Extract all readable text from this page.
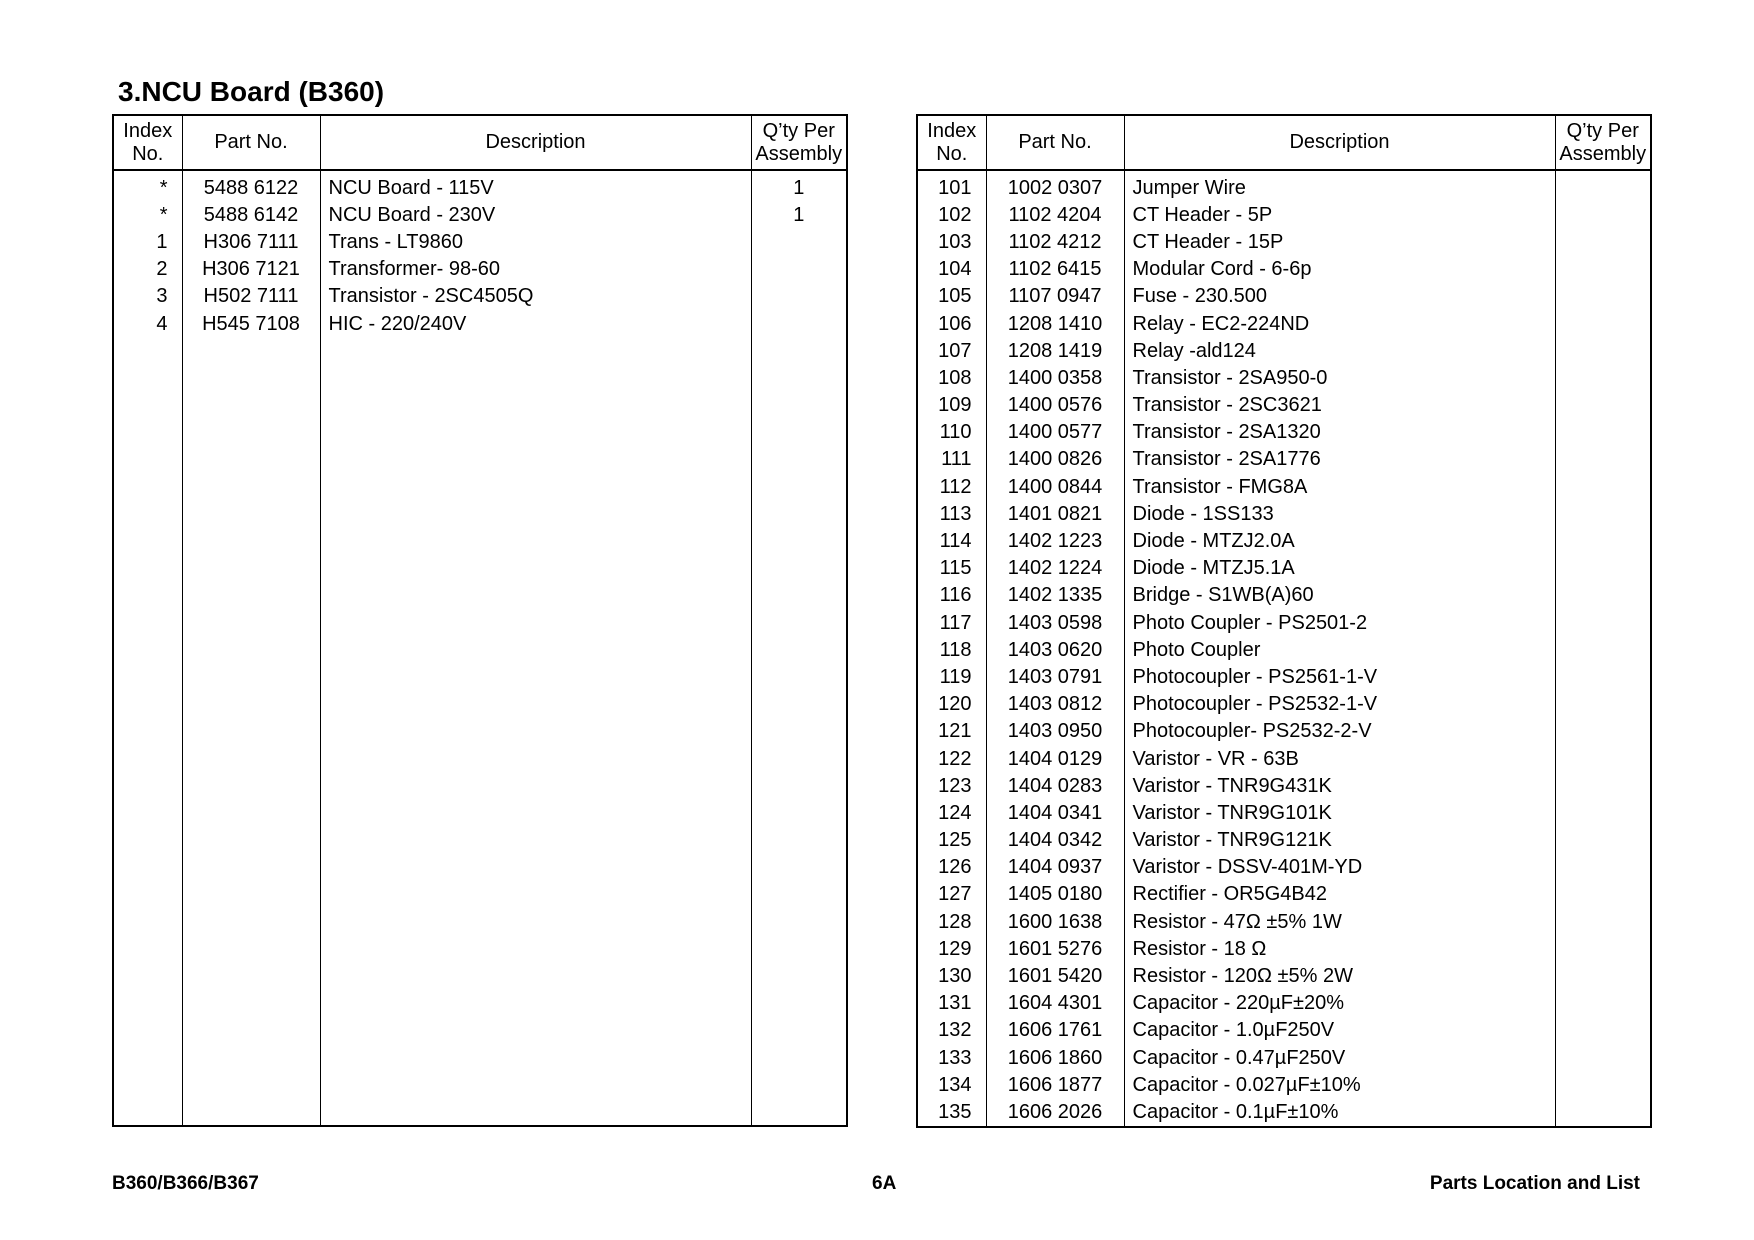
3.NCU Board (B360)
Index
No.	Part No.	Description	Q’ty Per
Assembly
*	5488 6122	NCU Board - 115V	1
*	5488 6142	NCU Board - 230V	1
1	H306 7111	Trans - LT9860	
2	H306 7121	Transformer- 98-60	
3	H502 7111	Transistor - 2SC4505Q	
4	H545 7108	HIC - 220/240V	

Index
No.	Part No.	Description	Q’ty Per
Assembly
101	1002 0307	Jumper Wire	
102	1102 4204	CT Header - 5P	
103	1102 4212	CT Header - 15P	
104	1102 6415	Modular Cord - 6-6p	
105	1107 0947	Fuse - 230.500	
106	1208 1410	Relay - EC2-224ND	
107	1208 1419	Relay -ald124	
108	1400 0358	Transistor - 2SA950-0	
109	1400 0576	Transistor - 2SC3621	
110	1400 0577	Transistor - 2SA1320	
111	1400 0826	Transistor - 2SA1776	
112	1400 0844	Transistor - FMG8A	
113	1401 0821	Diode - 1SS133	
114	1402 1223	Diode - MTZJ2.0A	
115	1402 1224	Diode - MTZJ5.1A	
116	1402 1335	Bridge - S1WB(A)60	
117	1403 0598	Photo Coupler - PS2501-2	
118	1403 0620	Photo Coupler	
119	1403 0791	Photocoupler - PS2561-1-V	
120	1403 0812	Photocoupler - PS2532-1-V	
121	1403 0950	Photocoupler- PS2532-2-V	
122	1404 0129	Varistor - VR - 63B	
123	1404 0283	Varistor - TNR9G431K	
124	1404 0341	Varistor - TNR9G101K	
125	1404 0342	Varistor - TNR9G121K	
126	1404 0937	Varistor - DSSV-401M-YD	
127	1405 0180	Rectifier - OR5G4B42	
128	1600 1638	Resistor - 47Ω ±5% 1W	
129	1601 5276	Resistor - 18 Ω	
130	1601 5420	Resistor - 120Ω ±5% 2W	
131	1604 4301	Capacitor - 220µF±20%	
132	1606 1761	Capacitor - 1.0µF250V	
133	1606 1860	Capacitor - 0.47µF250V	
134	1606 1877	Capacitor - 0.027µF±10%	
135	1606 2026	Capacitor - 0.1µF±10%	

B360/B366/B367	6A	Parts Location and List
